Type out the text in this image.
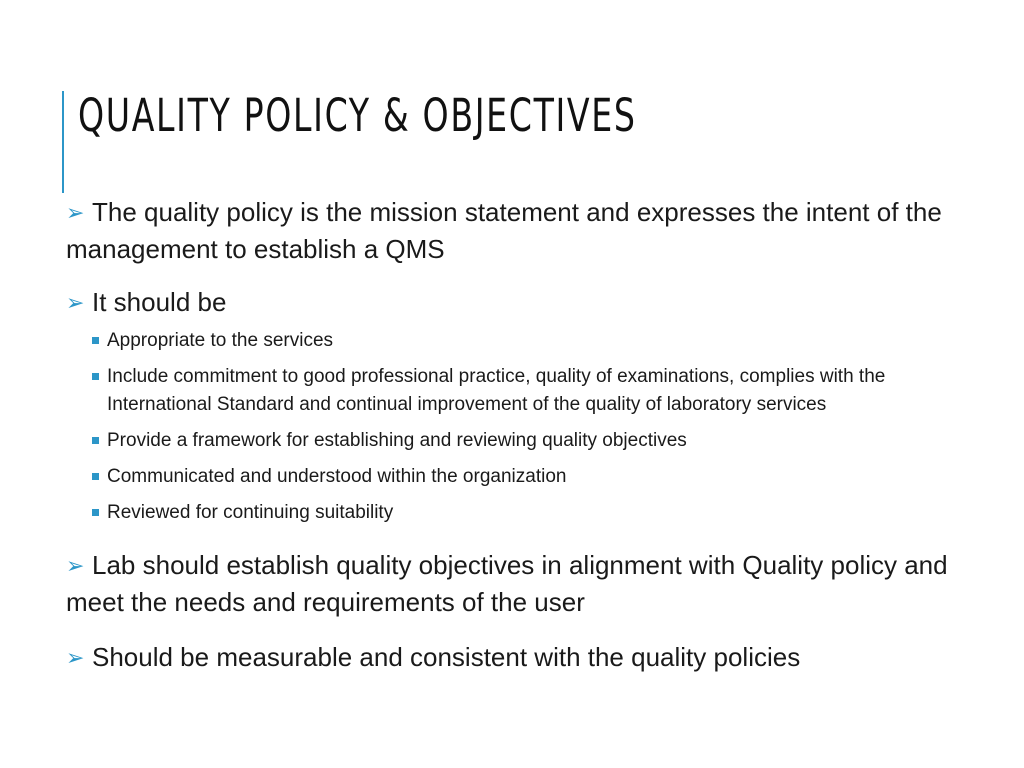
QUALITY POLICY & OBJECTIVES
➢ The quality policy is the mission statement and expresses the intent of the management to establish a QMS
➢ It should be
Appropriate to the services
Include commitment to good professional practice, quality of examinations, complies with the International Standard and continual improvement of the quality of laboratory services
Provide a framework for establishing and reviewing quality objectives
Communicated and understood within the organization
Reviewed for continuing suitability
➢ Lab should establish quality objectives in alignment with Quality policy and meet the needs and requirements of the user
➢ Should be measurable and consistent with the quality policies
